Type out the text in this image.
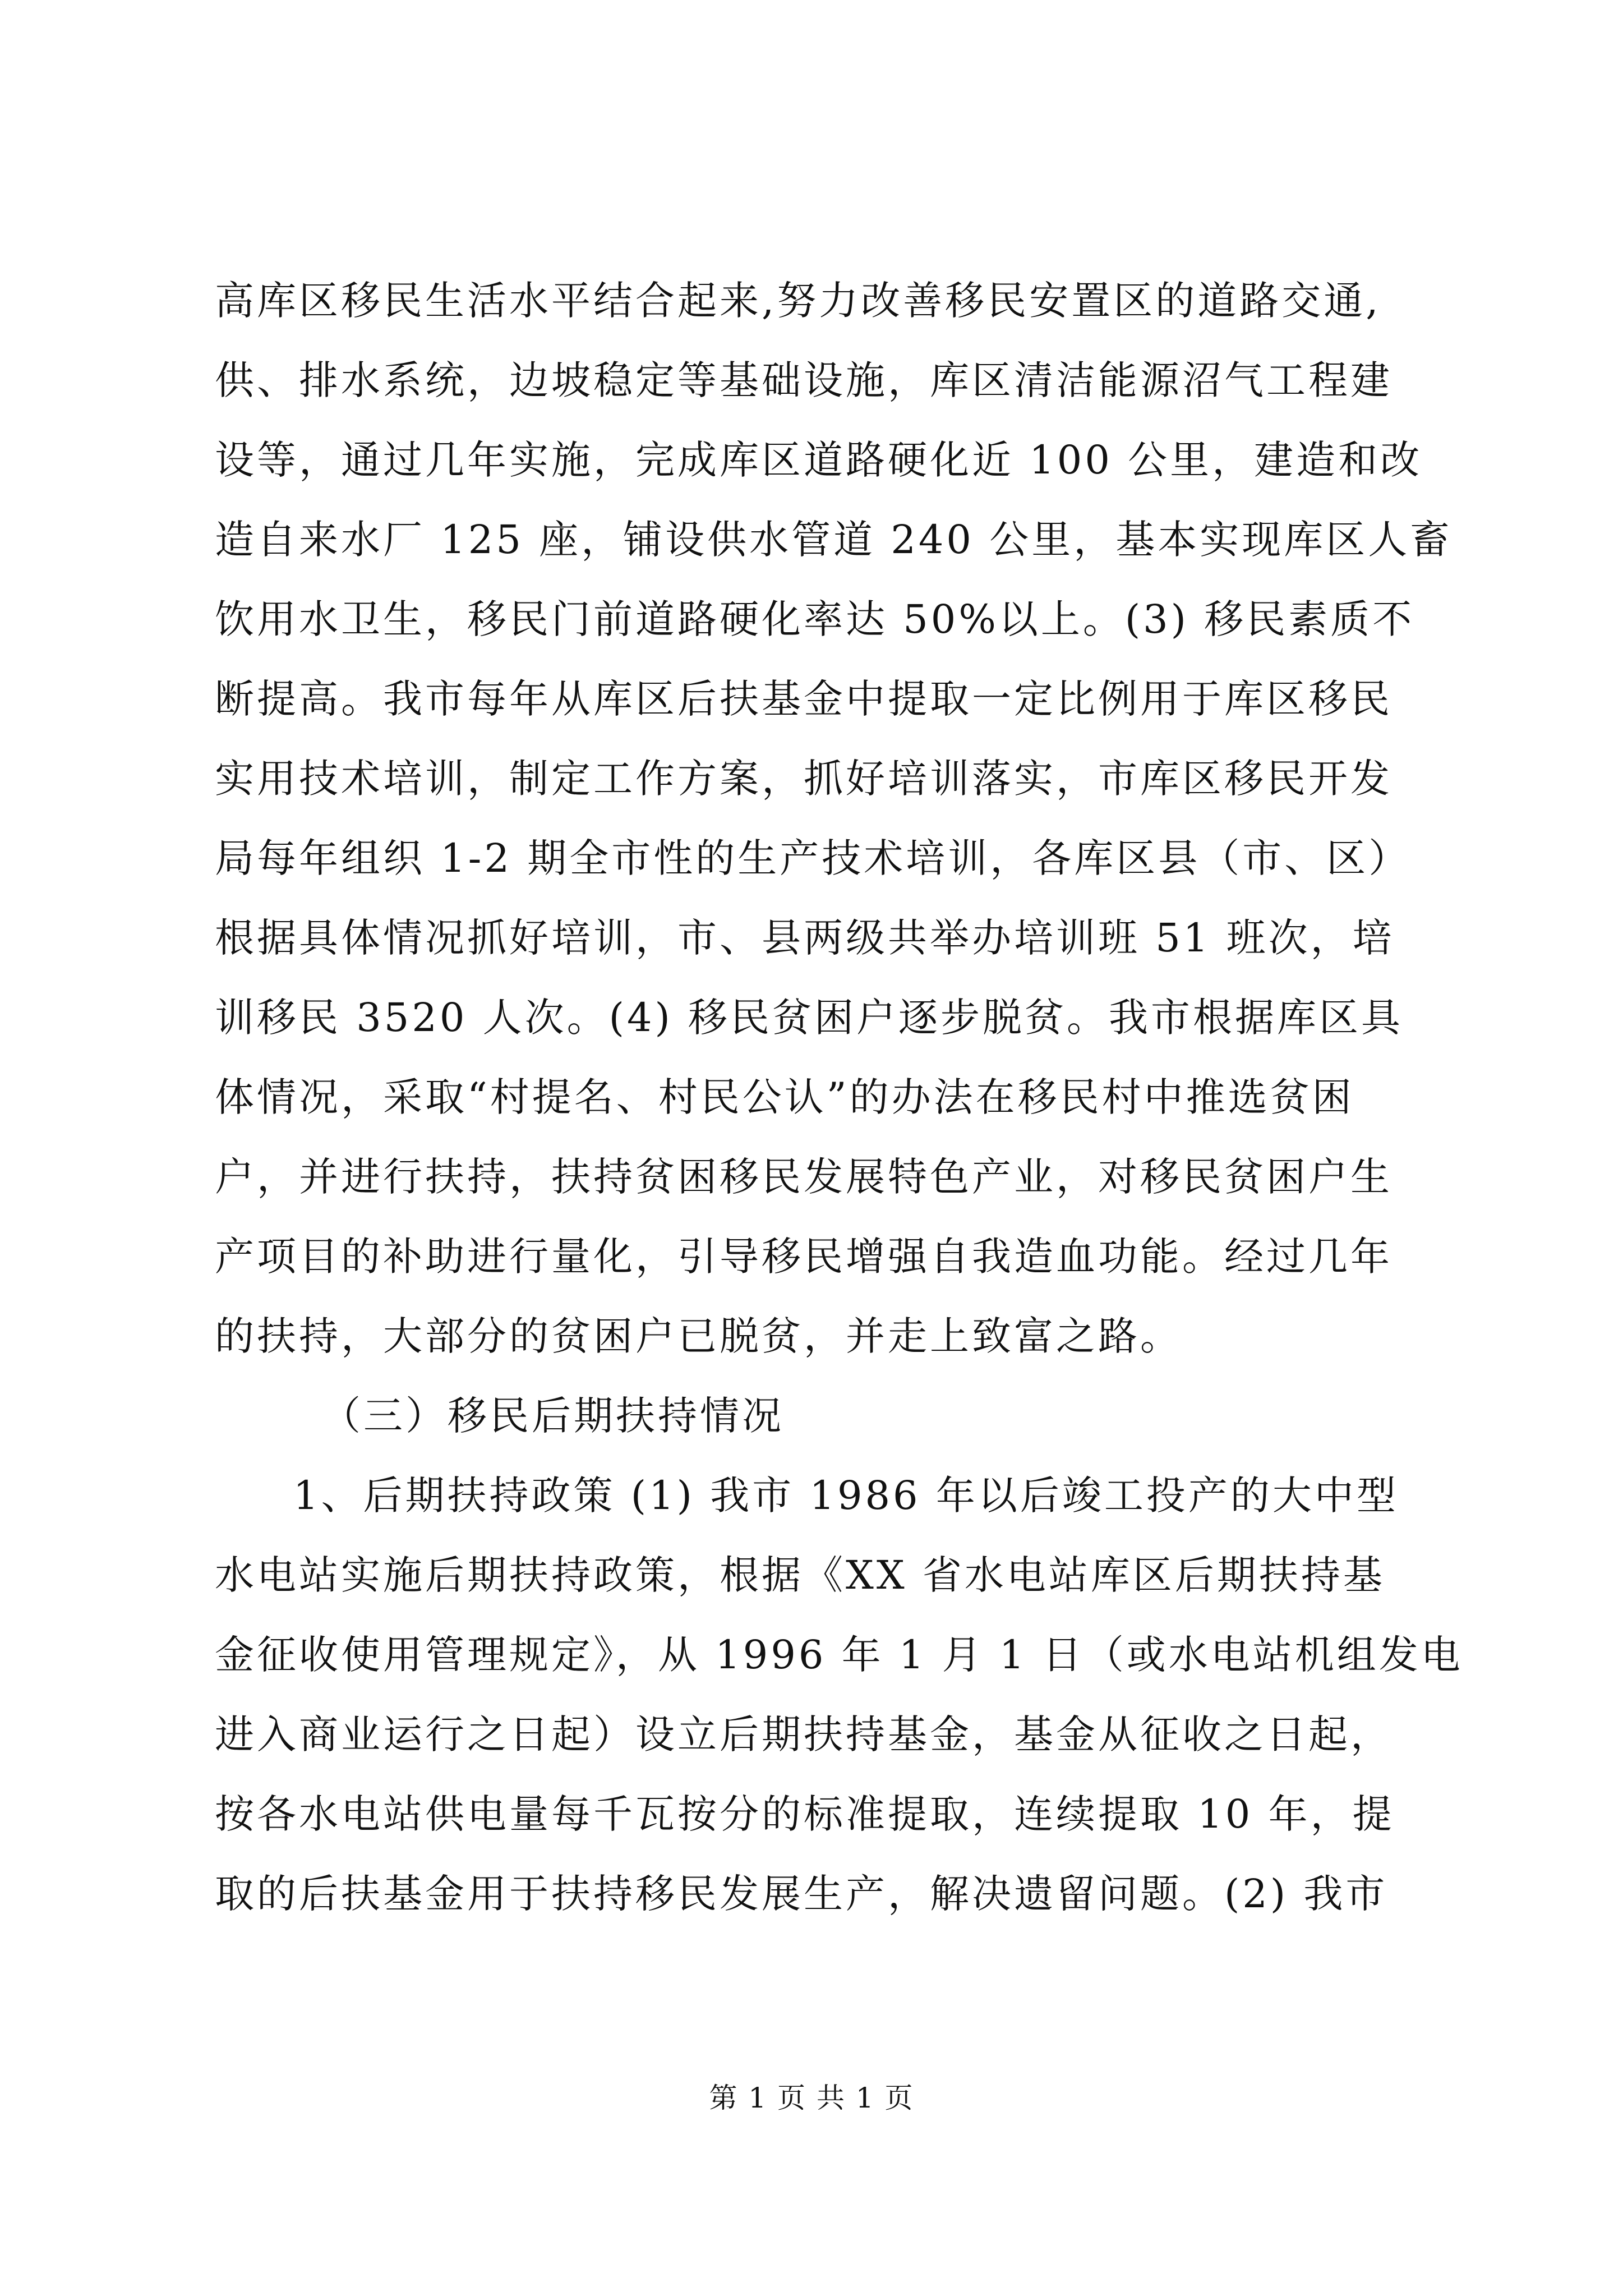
高库区移民生活水平结合起来,努力改善移民安置区的道路交通,
供、排水系统，边坡稳定等基础设施，库区清洁能源沼气工程建
设等，通过几年实施，完成库区道路硬化近 100 公里，建造和改
造自来水厂 125 座，铺设供水管道 240 公里，基本实现库区人畜
饮用水卫生，移民门前道路硬化率达 50%以上。(3) 移民素质不
断提高。我市每年从库区后扶基金中提取一定比例用于库区移民
实用技术培训，制定工作方案，抓好培训落实，市库区移民开发
局每年组织 1-2 期全市性的生产技术培训，各库区县（市、区）
根据具体情况抓好培训，市、县两级共举办培训班 51 班次，培
训移民 3520 人次。(4) 移民贫困户逐步脱贫。我市根据库区具
体情况，采取“村提名、村民公认”的办法在移民村中推选贫困
户，并进行扶持，扶持贫困移民发展特色产业，对移民贫困户生
产项目的补助进行量化，引导移民增强自我造血功能。经过几年
的扶持，大部分的贫困户已脱贫，并走上致富之路。
（三）移民后期扶持情况
1、后期扶持政策 (1) 我市 1986 年以后竣工投产的大中型
水电站实施后期扶持政策，根据《XX 省水电站库区后期扶持基
金征收使用管理规定》，从 1996 年 1 月 1 日（或水电站机组发电
进入商业运行之日起）设立后期扶持基金，基金从征收之日起，
按各水电站供电量每千瓦按分的标准提取，连续提取 10 年，提
取的后扶基金用于扶持移民发展生产，解决遗留问题。(2) 我市
第 1 页 共 1 页
